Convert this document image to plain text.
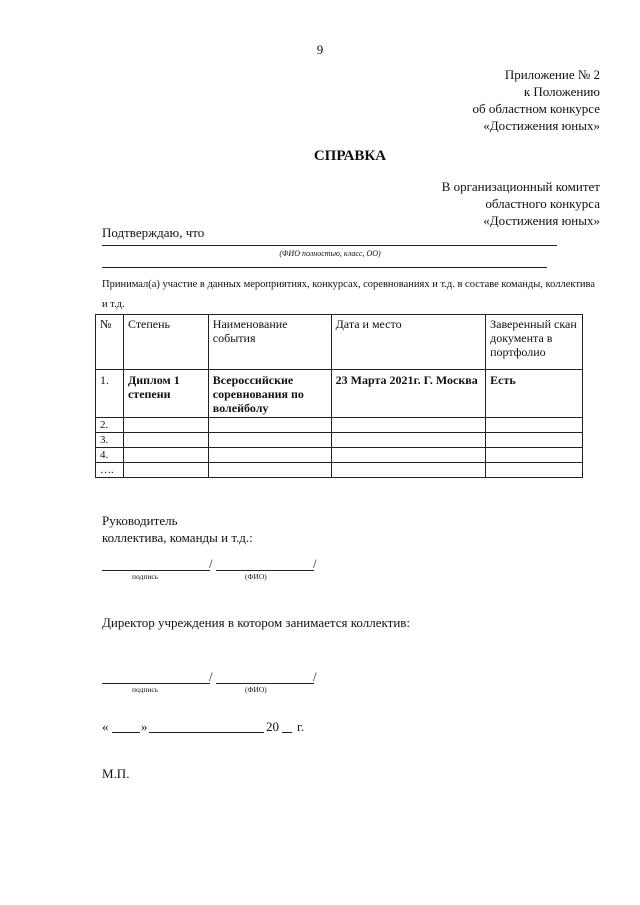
9
Приложение № 2
к Положению
об областном конкурсе
«Достижения юных»
СПРАВКА
В организационный комитет
областного конкурса
«Достижения юных»
Подтверждаю, что
(ФИО полностью, класс, ОО)
Принимал(а) участие в данных мероприятиях, конкурсах, соревнованиях и т.д. в составе команды, коллектива и т.д.
№	Степень	Наименование события	Дата и место	Заверенный скан документа в портфолио
1.	Диплом 1 степени	Всероссийские соревнования по волейболу	23 Марта 2021г. Г. Москва	Есть
2.				
3.				
4.				
….				
Руководитель
коллектива, команды и т.д.:
/	/
подпись	(ФИО)
Директор учреждения в котором занимается коллектив:
/	/
подпись	(ФИО)
«	»	20 г.
М.П.
